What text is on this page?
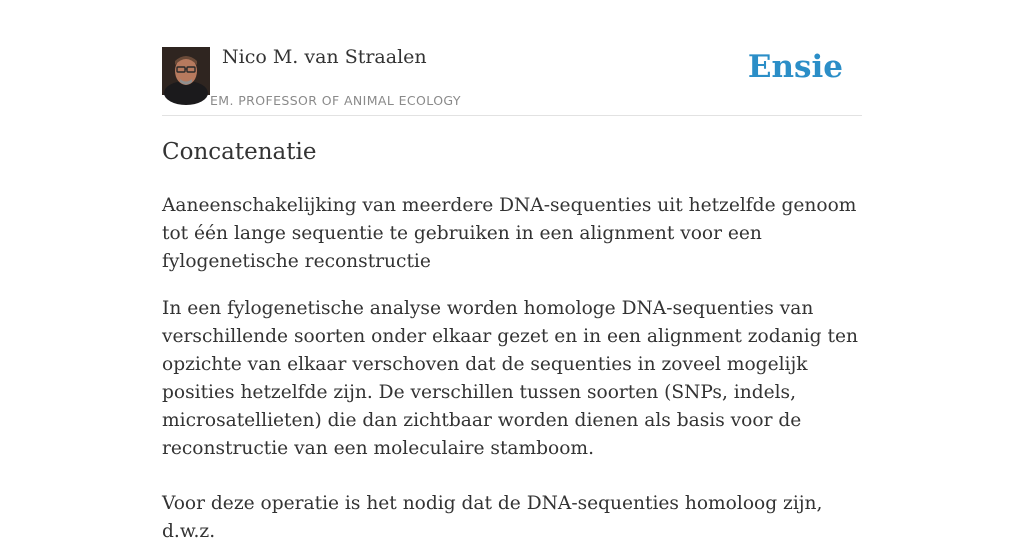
Nico M. van Straalen
EM. PROFESSOR OF ANIMAL ECOLOGY
Ensie
Concatenatie

Aaneenschakelijking van meerdere DNA-sequenties uit hetzelfde genoom tot één lange sequentie te gebruiken in een alignment voor een fylogenetische reconstructie

In een fylogenetische analyse worden homologe DNA-sequenties van verschillende soorten onder elkaar gezet en in een alignment zodanig ten opzichte van elkaar verschoven dat de sequenties in zoveel mogelijk posities hetzelfde zijn. De verschillen tussen soorten (SNPs, indels, microsatellieten) die dan zichtbaar worden dienen als basis voor de reconstructie van een moleculaire stamboom.

Voor deze operatie is het nodig dat de DNA-sequenties homoloog zijn, d.w.z.
